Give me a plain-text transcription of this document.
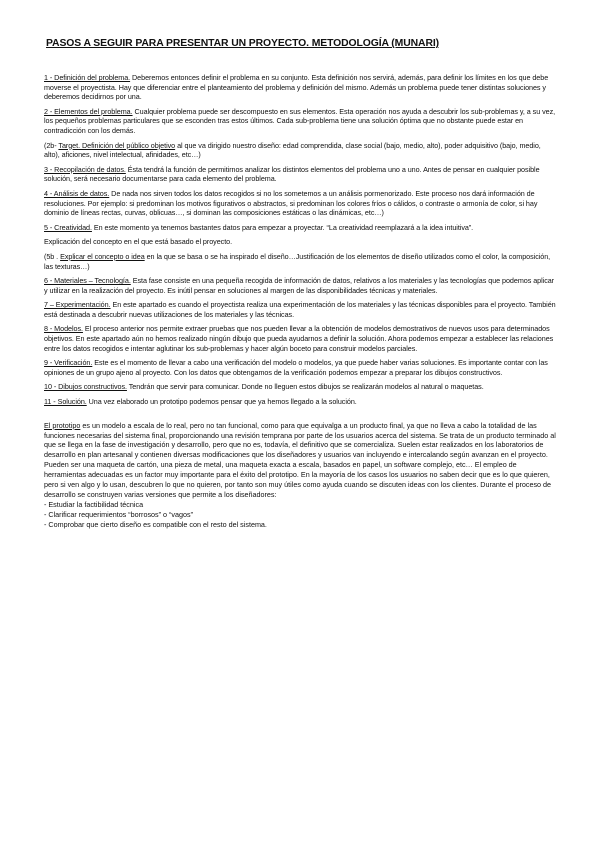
PASOS A SEGUIR PARA PRESENTAR UN PROYECTO. METODOLOGÍA (MUNARI)

1 - Definición del problema. Deberemos entonces definir el problema en su conjunto. Esta definición nos servirá, además, para definir los límites en los que debe moverse el proyectista. Hay que diferenciar entre el planteamiento del problema y definición del mismo. Además un problema puede tener distintas soluciones y deberemos decidirnos por una.

2 - Elementos del problema. Cualquier problema puede ser descompuesto en sus elementos. Esta operación nos ayuda a descubrir los sub-problemas y, a su vez, los pequeños problemas particulares que se esconden tras estos últimos. Cada sub-problema tiene una solución óptima que no obstante puede estar en contradicción con los demás.

(2b- Target. Definición del público objetivo al que va dirigido nuestro diseño: edad comprendida, clase social (bajo, medio, alto), poder adquisitivo (bajo, medio, alto), aficiones, nivel intelectual, afinidades, etc…)

3 - Recopilación de datos. Ésta tendrá la función de permitirnos analizar los distintos elementos del problema uno a uno. Antes de pensar en cualquier posible solución, será necesario documentarse para cada elemento del problema.

4 - Análisis de datos. De nada nos sirven todos los datos recogidos si no los sometemos a un análisis pormenorizado. Este proceso nos dará información de resoluciones. Por ejemplo: si predominan los motivos figurativos o abstractos, si predominan los colores fríos o cálidos, o contraste o armonía de color, si hay dominio de líneas rectas, curvas, oblicuas…, si dominan las composiciones estáticas o las dinámicas, etc…)

5 - Creatividad. En este momento ya tenemos bastantes datos para empezar a proyectar. “La creatividad reemplazará a la idea intuitiva”.

Explicación del concepto en el que está basado el proyecto.

(5b . Explicar el concepto o idea en la que se basa o se ha inspirado el diseño…Justificación de los elementos de diseño utilizados como el color, la composición, las texturas…)

6 - Materiales – Tecnología. Esta fase consiste en una pequeña recogida de información de datos, relativos a los materiales y las tecnologías que podemos aplicar y utilizar en la realización del proyecto. Es inútil pensar en soluciones al margen de las disponibilidades técnicas y materiales.

7 – Experimentación. En este apartado es cuando el proyectista realiza una experimentación de los materiales y las técnicas disponibles para el proyecto. También está destinada a descubrir nuevas utilizaciones de los materiales y las técnicas.

8 - Modelos. El proceso anterior nos permite extraer pruebas que nos pueden llevar a la obtención de modelos demostrativos de nuevos usos para determinados objetivos. En este apartado aún no hemos realizado ningún dibujo que pueda ayudarnos a definir la solución. Ahora podemos empezar a establecer las relaciones entre los datos recogidos e intentar aglutinar los sub-problemas y hacer algún boceto para construir modelos parciales.

9 - Verificación. Este es el momento de llevar a cabo una verificación del modelo o modelos, ya que puede haber varias soluciones. Es importante contar con las opiniones de un grupo ajeno al proyecto. Con los datos que obtengamos de la verificación podemos empezar a preparar los dibujos constructivos.

10 - Dibujos constructivos. Tendrán que servir para comunicar. Donde no lleguen estos dibujos se realizarán modelos al natural o maquetas.

11 - Solución. Una vez elaborado un prototipo podemos pensar que ya hemos llegado a la solución.

El prototipo es un modelo a escala de lo real, pero no tan funcional, como para que equivalga a un producto final, ya que no lleva a cabo la totalidad de las funciones necesarias del sistema final, proporcionando una revisión temprana por parte de los usuarios acerca del sistema. Se trata de un producto terminado al que se llega en la fase de investigación y desarrollo, pero que no es, todavía, el definitivo que se comercializa. Suelen estar realizados en los laboratorios de desarrollo en plan artesanal y contienen diversas modificaciones que los diseñadores y usuarios van incluyendo e intercalando según avanzan en el proyecto. Pueden ser una maqueta de cartón, una pieza de metal, una maqueta exacta a escala, basados en papel, un software complejo, etc… El empleo de herramientas adecuadas es un factor muy importante para el éxito del prototipo. En la mayoría de los casos los usuarios no saben decir que es lo que quieren, pero si ven algo y lo usan, descubren lo que no quieren, por tanto son muy útiles como ayuda cuando se discuten ideas con los clientes. Durante el proceso de desarrollo se construyen varias versiones que permite a los diseñadores:

- Estudiar la factibilidad técnica

- Clarificar requerimientos “borrosos” o “vagos”

- Comprobar que cierto diseño es compatible con el resto del sistema.
